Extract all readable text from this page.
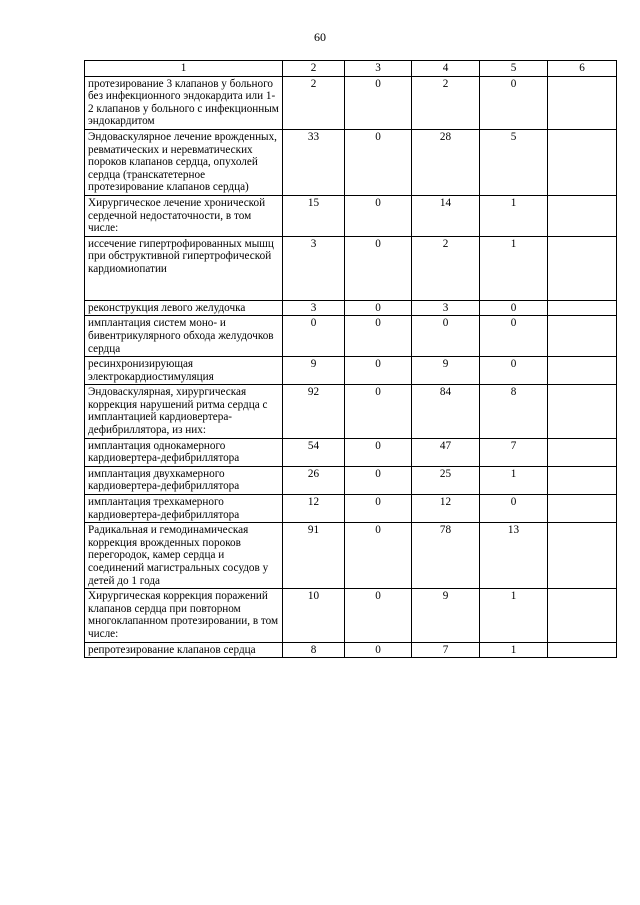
60
1	2	3	4	5	6
протезирование 3 клапанов у больного без инфекционного эндокардита или 1-2 клапанов у больного с инфекционным эндокардитом	2	0	2	0	
Эндоваскулярное лечение врожденных, ревматических и неревматических пороков клапанов сердца, опухолей сердца (транскатетерное протезирование клапанов сердца)	33	0	28	5	
Хирургическое лечение хронической сердечной недостаточности, в том числе:	15	0	14	1	
иссечение гипертрофированных мышц при обструктивной гипертрофической кардиомиопатии	3	0	2	1	
реконструкция левого желудочка	3	0	3	0	
имплантация систем моно- и бивентрикулярного обхода желудочков сердца	0	0	0	0	
ресинхронизирующая электрокардиостимуляция	9	0	9	0	
Эндоваскулярная, хирургическая коррекция нарушений ритма сердца с имплантацией кардиовертера-дефибриллятора, из них:	92	0	84	8	
имплантация однокамерного кардиовертера-дефибриллятора	54	0	47	7	
имплантация двухкамерного кардиовертера-дефибриллятора	26	0	25	1	
имплантация трехкамерного кардиовертера-дефибриллятора	12	0	12	0	
Радикальная и гемодинамическая коррекция врожденных пороков перегородок, камер сердца и соединений магистральных сосудов у детей до 1 года	91	0	78	13	
Хирургическая коррекция поражений клапанов сердца при повторном многоклапанном протезировании, в том числе:	10	0	9	1	
репротезирование клапанов сердца	8	0	7	1	
